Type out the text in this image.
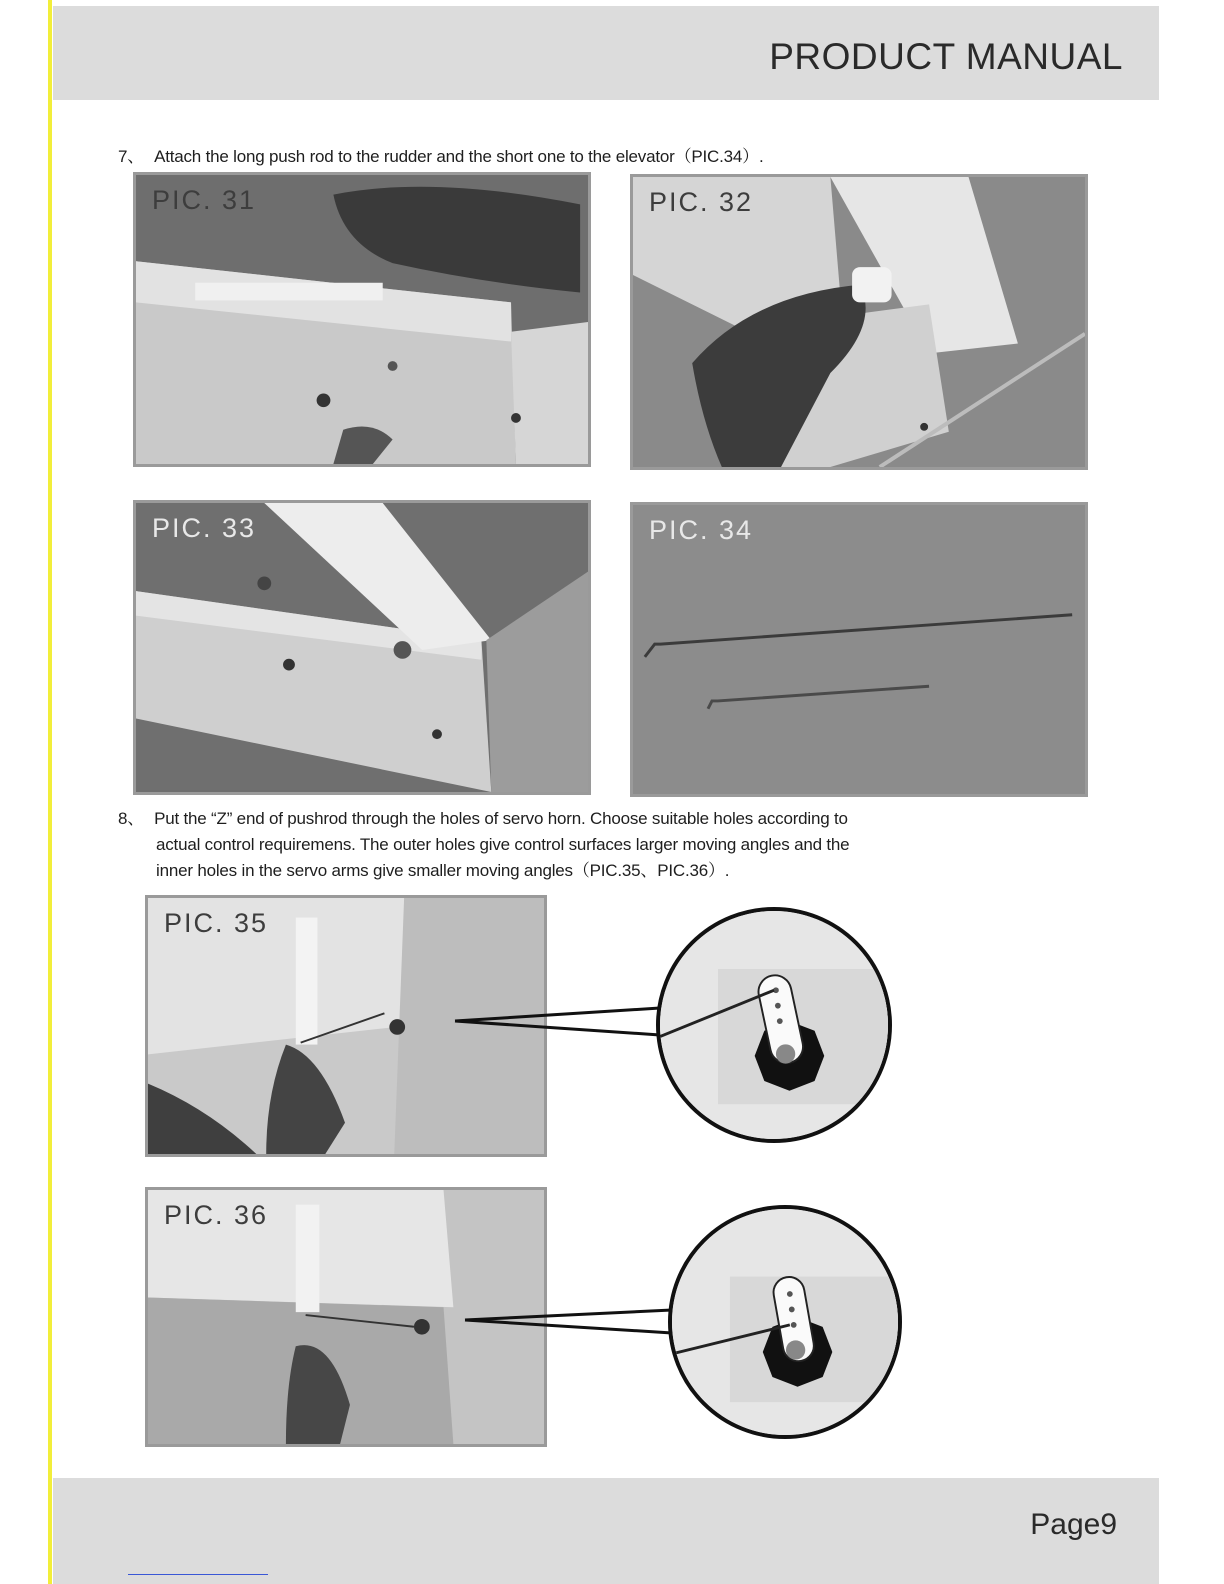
PRODUCT MANUAL
7、 Attach the long push rod to the rudder and the short one to the elevator（PIC.34）.
PIC. 31	PIC. 32
PIC. 33	PIC. 34
8、 Put the “Z” end of pushrod through the holes of servo horn. Choose suitable holes according to
actual control requiremens. The outer holes give control surfaces larger moving angles and the
inner holes in the servo arms give smaller moving angles（PIC.35、PIC.36）.
PIC. 35
PIC. 36
Page9
